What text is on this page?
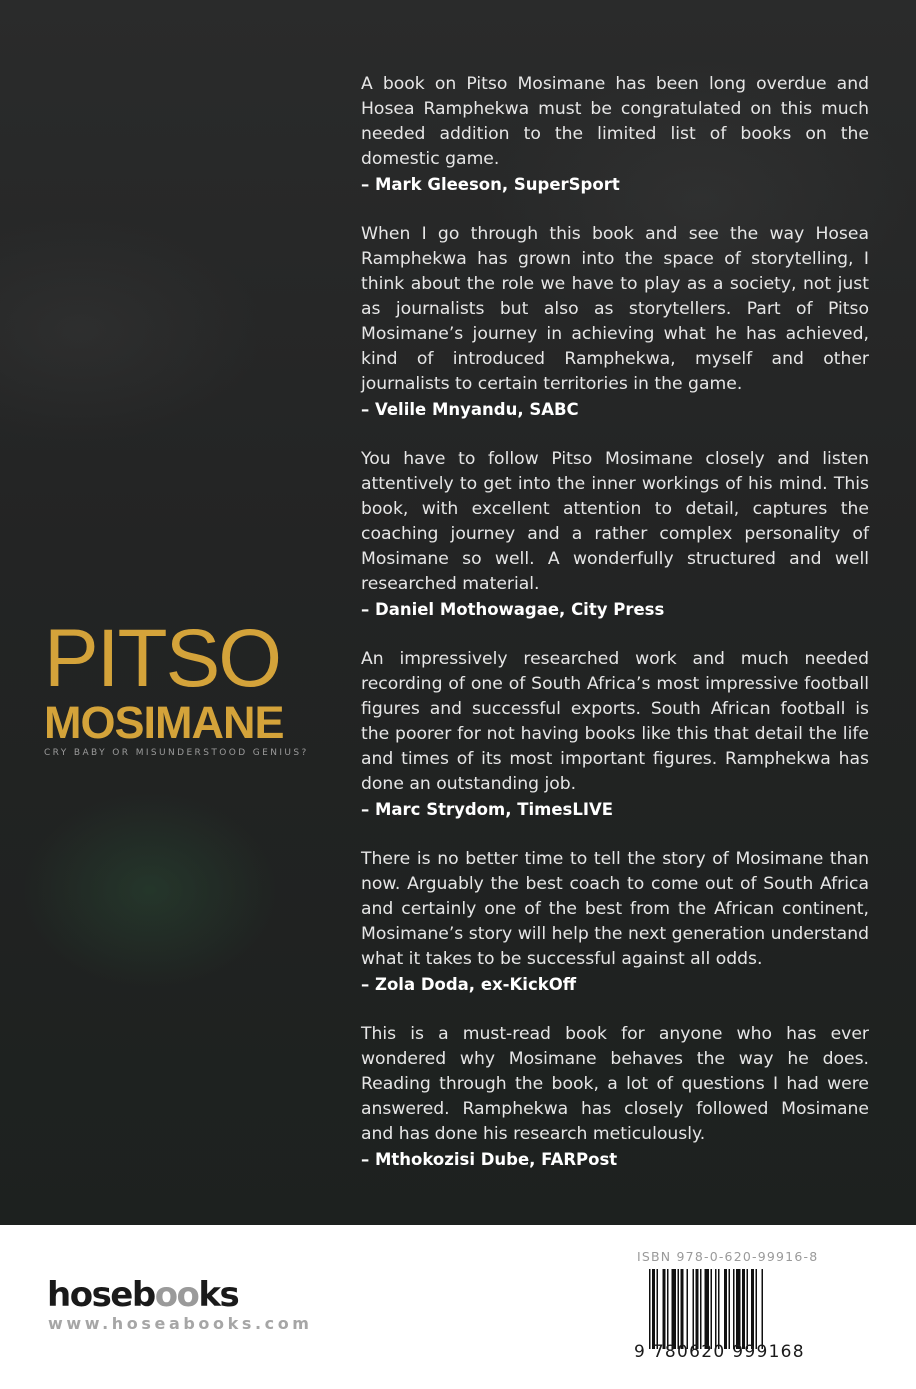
PITSO
MOSIMANE
CRY BABY OR MISUNDERSTOOD GENIUS?

A book on Pitso Mosimane has been long overdue and Hosea Ramphekwa must be congratulated on this much needed addition to the limited list of books on the domestic game.

– Mark Gleeson, SuperSport

When I go through this book and see the way Hosea Ramphekwa has grown into the space of storytelling, I think about the role we have to play as a society, not just as journalists but also as storytellers. Part of Pitso Mosimane’s journey in achieving what he has achieved, kind of introduced Ramphekwa, myself and other journalists to certain territories in the game.

– Velile Mnyandu, SABC

You have to follow Pitso Mosimane closely and listen attentively to get into the inner workings of his mind. This book, with excellent attention to detail, captures the coaching journey and a rather complex personality of Mosimane so well. A wonderfully structured and well researched material.

– Daniel Mothowagae, City Press

An impressively researched work and much needed recording of one of South Africa’s most impressive football figures and successful exports. South African football is the poorer for not having books like this that detail the life and times of its most important figures. Ramphekwa has done an outstanding job.

– Marc Strydom, TimesLIVE

There is no better time to tell the story of Mosimane than now. Arguably the best coach to come out of South Africa and certainly one of the best from the African continent, Mosimane’s story will help the next generation understand what it takes to be successful against all odds.

– Zola Doda, ex-KickOff

This is a must-read book for anyone who has ever wondered why Mosimane behaves the way he does. Reading through the book, a lot of questions I had were answered. Ramphekwa has closely followed Mosimane and has done his research meticulously.

– Mthokozisi Dube, FARPost

hosebooks
www.hoseabooks.com
ISBN 978-0-620-99916-8
9 780620 999168
